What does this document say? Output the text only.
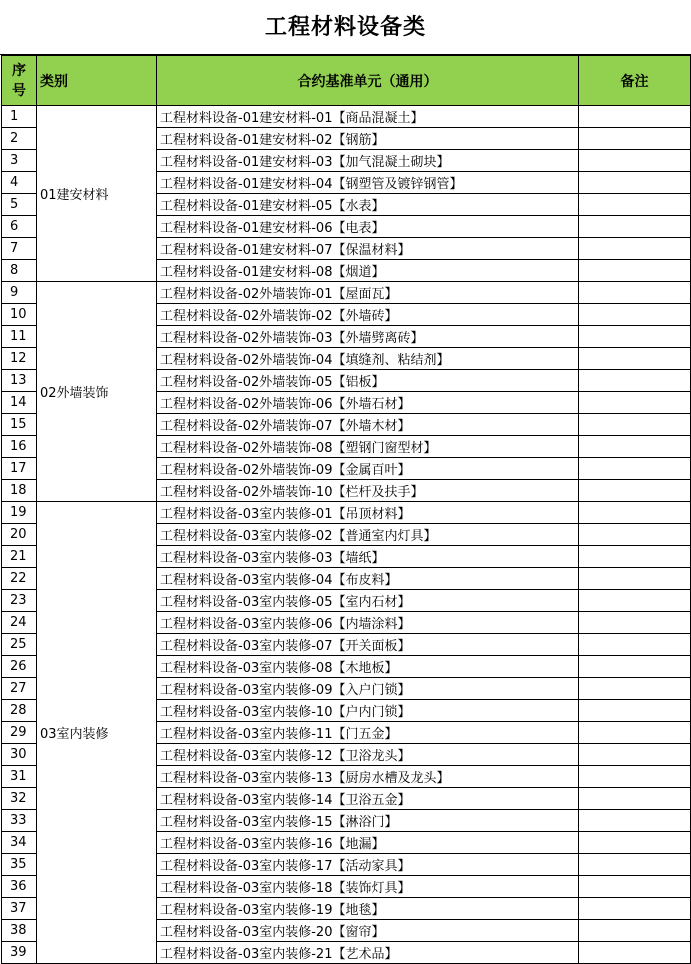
工程材料设备类
序
号	类别	合约基准单元（通用）	备注
1	01建安材料	工程材料设备-01建安材料-01【商品混凝土】	
2		工程材料设备-01建安材料-02【钢筋】	
3		工程材料设备-01建安材料-03【加气混凝土砌块】	
4		工程材料设备-01建安材料-04【钢塑管及镀锌钢管】	
5		工程材料设备-01建安材料-05【水表】	
6		工程材料设备-01建安材料-06【电表】	
7		工程材料设备-01建安材料-07【保温材料】	
8		工程材料设备-01建安材料-08【烟道】	
9	02外墙装饰	工程材料设备-02外墙装饰-01【屋面瓦】	
10		工程材料设备-02外墙装饰-02【外墙砖】	
11		工程材料设备-02外墙装饰-03【外墙劈离砖】	
12		工程材料设备-02外墙装饰-04【填缝剂、粘结剂】	
13		工程材料设备-02外墙装饰-05【铝板】	
14		工程材料设备-02外墙装饰-06【外墙石材】	
15		工程材料设备-02外墙装饰-07【外墙木材】	
16		工程材料设备-02外墙装饰-08【塑钢门窗型材】	
17		工程材料设备-02外墙装饰-09【金属百叶】	
18		工程材料设备-02外墙装饰-10【栏杆及扶手】	
19	03室内装修	工程材料设备-03室内装修-01【吊顶材料】	
20		工程材料设备-03室内装修-02【普通室内灯具】	
21		工程材料设备-03室内装修-03【墙纸】	
22		工程材料设备-03室内装修-04【布皮料】	
23		工程材料设备-03室内装修-05【室内石材】	
24		工程材料设备-03室内装修-06【内墙涂料】	
25		工程材料设备-03室内装修-07【开关面板】	
26		工程材料设备-03室内装修-08【木地板】	
27		工程材料设备-03室内装修-09【入户门锁】	
28		工程材料设备-03室内装修-10【户内门锁】	
29		工程材料设备-03室内装修-11【门五金】	
30		工程材料设备-03室内装修-12【卫浴龙头】	
31		工程材料设备-03室内装修-13【厨房水槽及龙头】	
32		工程材料设备-03室内装修-14【卫浴五金】	
33		工程材料设备-03室内装修-15【淋浴门】	
34		工程材料设备-03室内装修-16【地漏】	
35		工程材料设备-03室内装修-17【活动家具】	
36		工程材料设备-03室内装修-18【装饰灯具】	
37		工程材料设备-03室内装修-19【地毯】	
38		工程材料设备-03室内装修-20【窗帘】	
39		工程材料设备-03室内装修-21【艺术品】	
